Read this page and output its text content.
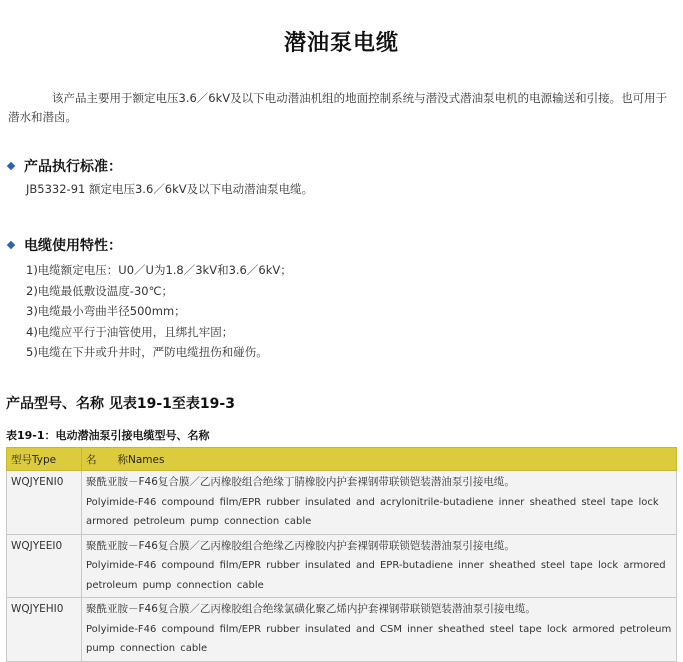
潜油泵电缆
该产品主要用于额定电压3.6／6kV及以下电动潜油机组的地面控制系统与潜没式潜油泵电机的电源输送和引接。也可用于潜水和潜卤。
产品执行标准：
JB5332-91 额定电压3.6／6kV及以下电动潜油泵电缆。
电缆使用特性：
1)电缆额定电压：U0／U为1.8／3kV和3.6／6kV；
2)电缆最低敷设温度-30℃；
3)电缆最小弯曲半径500mm；
4)电缆应平行于油管使用，且绑扎牢固；
5)电缆在下井或升井时，严防电缆扭伤和碰伤。
产品型号、名称 见表19-1至表19-3
表19-1：电动潜油泵引接电缆型号、名称
型号Type	名　　称Names
WQJYENI0	聚酰亚胺－F46复合膜／乙丙橡胶组合绝缘丁腈橡胶内护套裸钢带联锁铠装潜油泵引接电缆。
Polyimide-F46 compound film/EPR rubber insulated and acrylonitrile-butadiene inner sheathed steel tape lock armored petroleum pump connection cable

WQJYEEI0	聚酰亚胺－F46复合膜／乙丙橡胶组合绝缘乙丙橡胶内护套裸钢带联锁铠装潜油泵引接电缆。
Polyimide-F46 compound film/EPR rubber insulated and EPR-butadiene inner sheathed steel tape lock armored petroleum pump connection cable

WQJYEHI0	聚酰亚胺－F46复合膜／乙丙橡胶组合绝缘氯磺化聚乙烯内护套裸钢带联锁铠装潜油泵引接电缆。
Polyimide-F46 compound film/EPR rubber insulated and CSM inner sheathed steel tape lock armored petroleum pump connection cable
